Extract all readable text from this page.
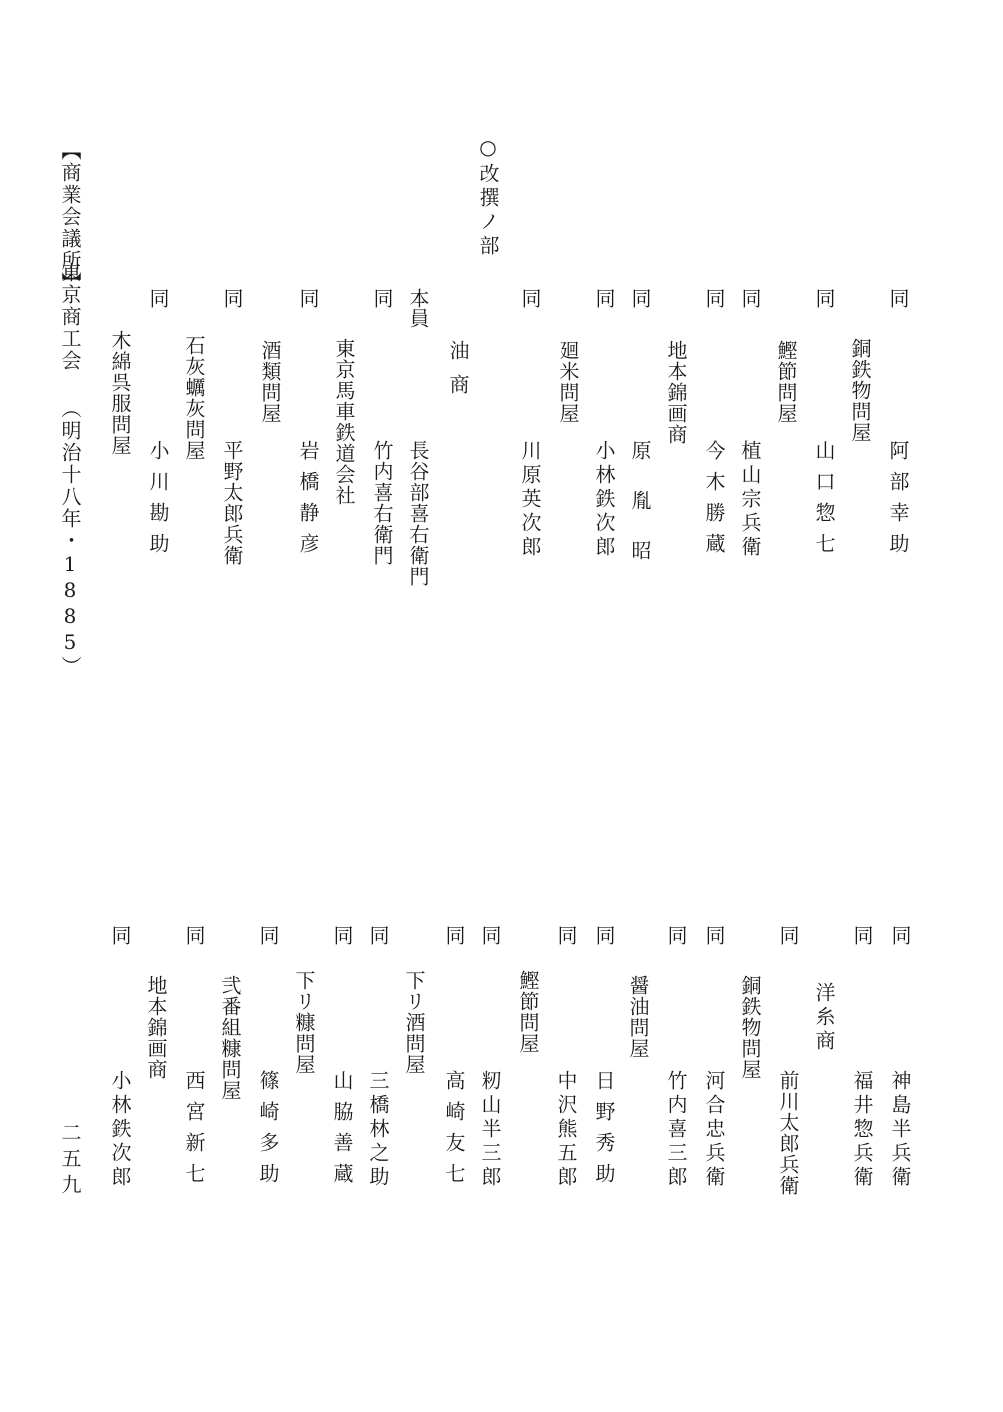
【商業会議所】
東京商工会 （明治十八年・1885）
○改撰ノ部
二五九
同
阿部幸助
銅鉄物問屋
同
山口惣七
鰹節問屋
同
植山宗兵衛
同
今木勝蔵
地本錦画商
同
原胤昭
同
小林鉄次郎
廻米問屋
同
川原英次郎
油商
本員
長谷部喜右衛門
同
竹内喜右衛門
東京馬車鉄道会社
同
岩橋静彦
酒類問屋
同
平野太郎兵衛
石灰蠣灰問屋
同
小川勘助
木綿呉服問屋
同
神島半兵衛
同
福井惣兵衛
洋糸商
同
前川太郎兵衛
銅鉄物問屋
同
河合忠兵衛
同
竹内喜三郎
醤油問屋
同
日野秀助
同
中沢熊五郎
鰹節問屋
同
籾山半三郎
同
高崎友七
下リ酒問屋
同
三橋林之助
同
山脇善蔵
下リ糠問屋
同
篠崎多助
弐番組糠問屋
同
西宮新七
地本錦画商
同
小林鉄次郎
